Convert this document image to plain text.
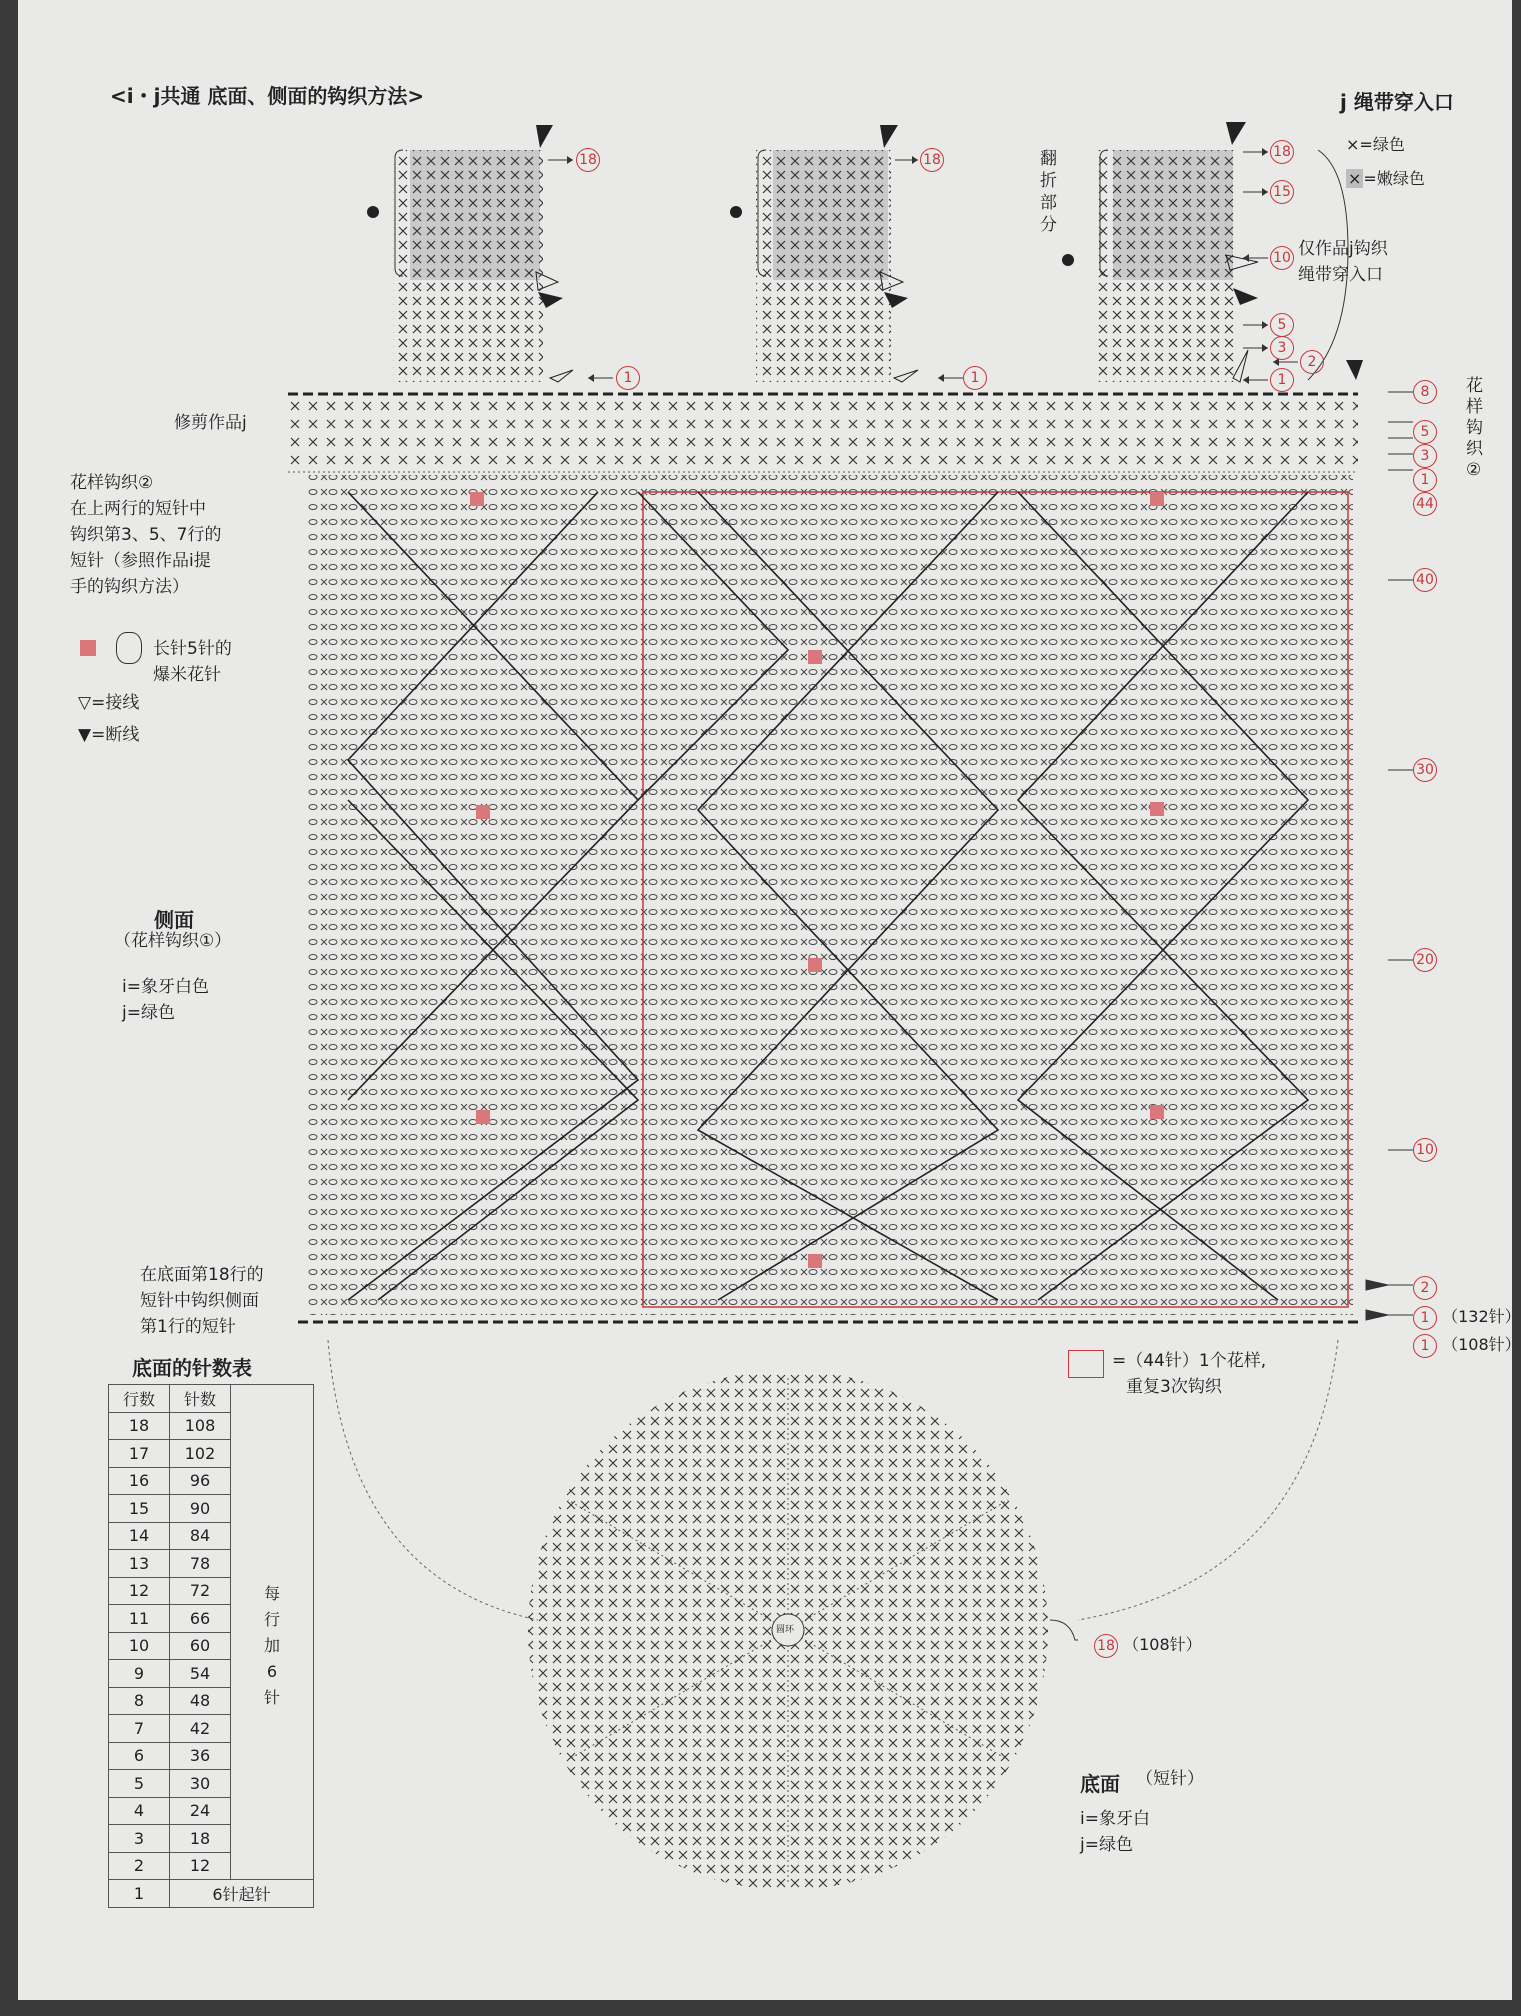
<i・j共通 底面、侧面的钩织方法>	j 绳带穿入口
×=绿色
× =嫩绿色
18
1
18
1
18
15
10
5
3
2
1
翻折部分
仅作品j钩织
绳带穿入口
8
5
3
1
44
40
30
20
10
2
1 （132针）
1 （108针）
花样钩织②
修剪作品j
花样钩织②
在上两行的短针中
钩织第3、5、7行的
短针（参照作品i提
手的钩织方法）
长针5针的
爆米花针
▽=接线
▼=断线
侧面
（花样钩织①）
i=象牙白色
j=绿色
在底面第18行的
短针中钩织侧面
第1行的短针
=（44针）1个花样,
重复3次钩织
底面的针数表
行数	针数	
18	108	每行加6针

17	102	
16	96	
15	90	
14	84	
13	78	
12	72	
11	66	
10	60	
9	54	
8	48	
7	42	
6	36	
5	30	
4	24	
3	18	
2	12	
1	6针起针	
圆环
18 （108针）
底面 （短针）
i=象牙白
j=绿色
